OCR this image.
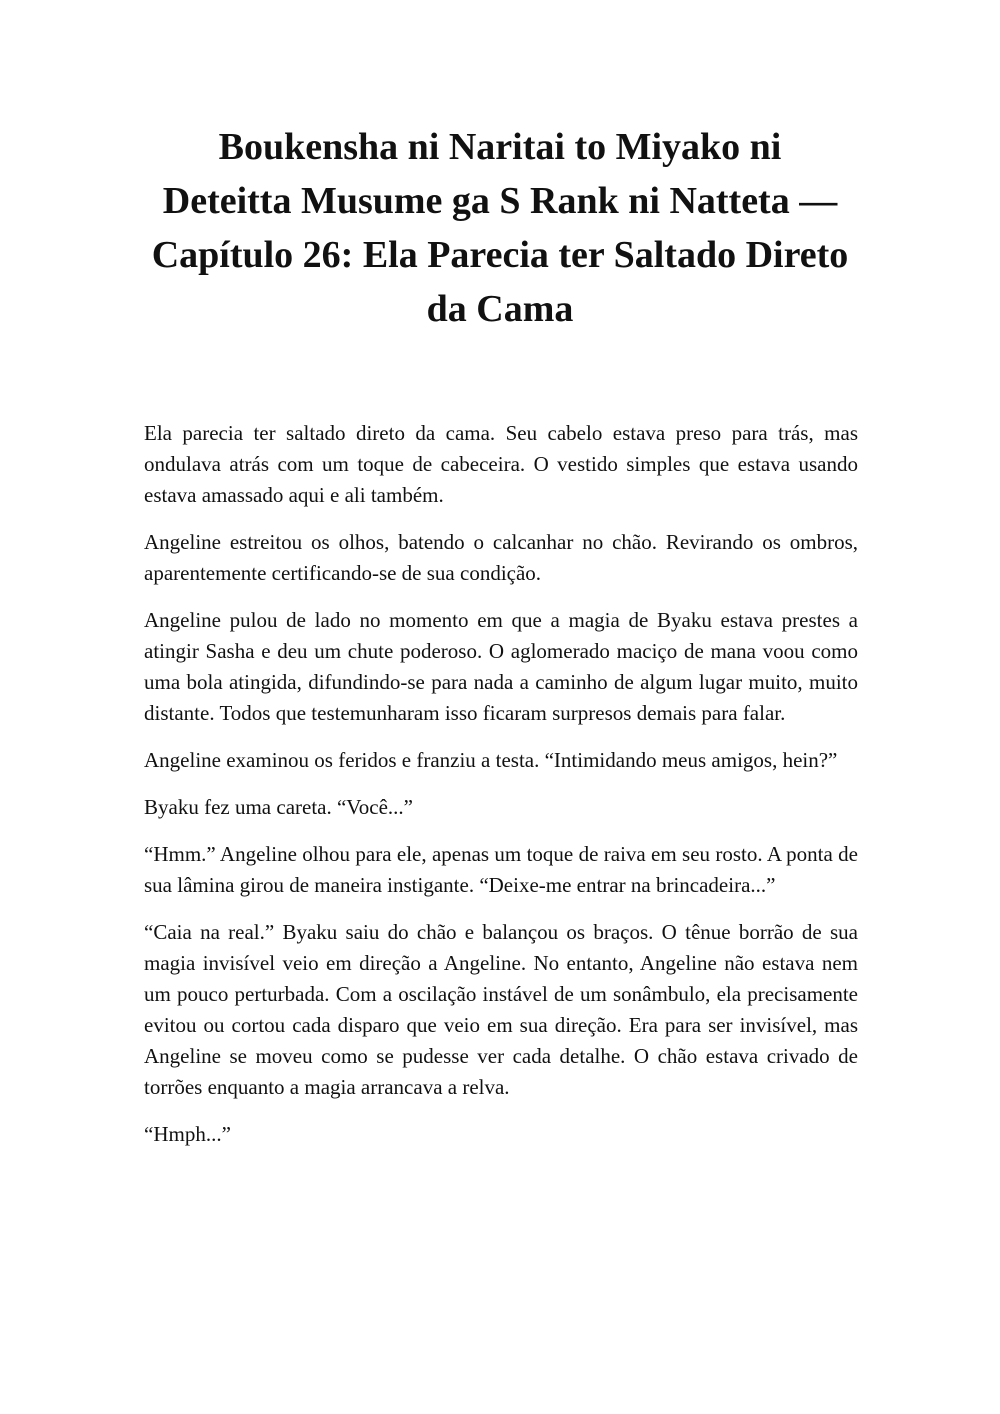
Boukensha ni Naritai to Miyako ni Deteitta Musume ga S Rank ni Natteta — Capítulo 26: Ela Parecia ter Saltado Direto da Cama

Ela parecia ter saltado direto da cama. Seu cabelo estava preso para trás, mas ondulava atrás com um toque de cabeceira. O vestido simples que estava usando estava amassado aqui e ali também.

Angeline estreitou os olhos, batendo o calcanhar no chão. Revirando os ombros, aparentemente certificando-se de sua condição.

Angeline pulou de lado no momento em que a magia de Byaku estava prestes a atingir Sasha e deu um chute poderoso. O aglomerado maciço de mana voou como uma bola atingida, difundindo-se para nada a caminho de algum lugar muito, muito distante. Todos que testemunharam isso ficaram surpresos demais para falar.

Angeline examinou os feridos e franziu a testa. “Intimidando meus amigos, hein?”

Byaku fez uma careta. “Você...”

“Hmm.” Angeline olhou para ele, apenas um toque de raiva em seu rosto. A ponta de sua lâmina girou de maneira instigante. “Deixe-me entrar na brincadeira...”

“Caia na real.” Byaku saiu do chão e balançou os braços. O tênue borrão de sua magia invisível veio em direção a Angeline. No entanto, Angeline não estava nem um pouco perturbada. Com a oscilação instável de um sonâmbulo, ela precisamente evitou ou cortou cada disparo que veio em sua direção. Era para ser invisível, mas Angeline se moveu como se pudesse ver cada detalhe. O chão estava crivado de torrões enquanto a magia arrancava a relva.

“Hmph...”
